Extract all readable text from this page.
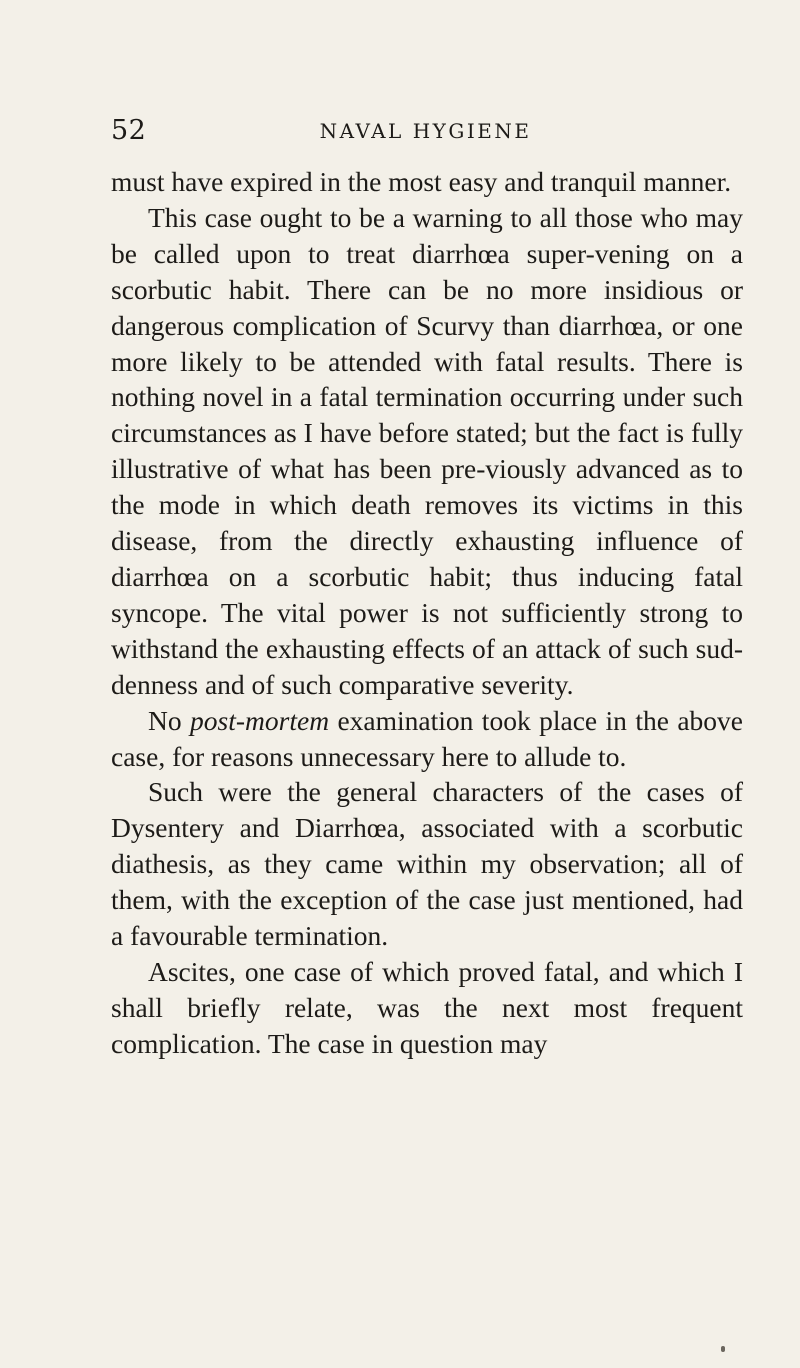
52	NAVAL HYGIENE

must have expired in the most easy and tranquil manner.

This case ought to be a warning to all those who may be called upon to treat diarrhœa super-vening on a scorbutic habit. There can be no more insidious or dangerous complication of Scurvy than diarrhœa, or one more likely to be attended with fatal results. There is nothing novel in a fatal termination occurring under such circumstances as I have before stated; but the fact is fully illustrative of what has been pre-viously advanced as to the mode in which death removes its victims in this disease, from the directly exhausting influence of diarrhœa on a scorbutic habit; thus inducing fatal syncope. The vital power is not sufficiently strong to withstand the exhausting effects of an attack of such sud-denness and of such comparative severity.

No post-mortem examination took place in the above case, for reasons unnecessary here to allude to.

Such were the general characters of the cases of Dysentery and Diarrhœa, associated with a scorbutic diathesis, as they came within my observation; all of them, with the exception of the case just mentioned, had a favourable termination.

Ascites, one case of which proved fatal, and which I shall briefly relate, was the next most frequent complication. The case in question may
